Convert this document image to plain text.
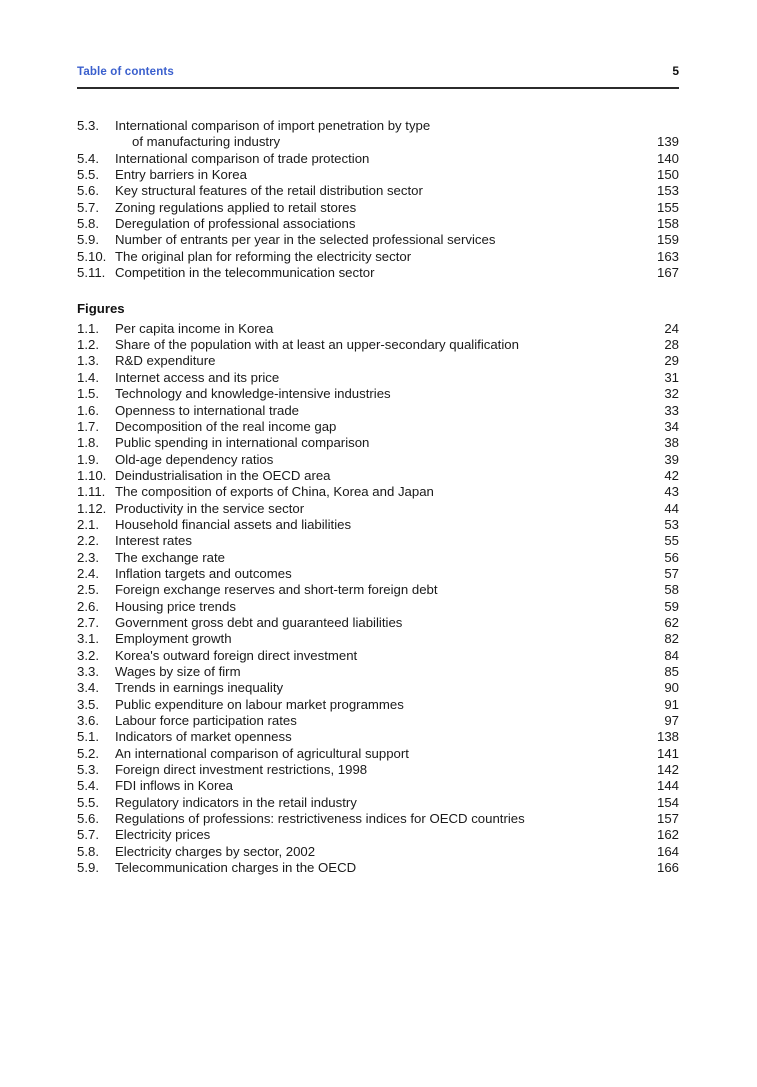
Table of contents	5
5.3.	International comparison of import penetration by type
of manufacturing industry	139
5.4.	International comparison of trade protection	140
5.5.	Entry barriers in Korea	150
5.6.	Key structural features of the retail distribution sector	153
5.7.	Zoning regulations applied to retail stores	155
5.8.	Deregulation of professional associations	158
5.9.	Number of entrants per year in the selected professional services	159
5.10. The original plan for reforming the electricity sector	163
5.11. Competition in the telecommunication sector	167
Figures
1.1.	Per capita income in Korea	24
1.2.	Share of the population with at least an upper-secondary qualification	28
1.3.	R&D expenditure	29
1.4.	Internet access and its price	31
1.5.	Technology and knowledge-intensive industries	32
1.6.	Openness to international trade	33
1.7.	Decomposition of the real income gap	34
1.8.	Public spending in international comparison	38
1.9.	Old-age dependency ratios	39
1.10. Deindustrialisation in the OECD area	42
1.11. The composition of exports of China, Korea and Japan	43
1.12. Productivity in the service sector	44
2.1.	Household financial assets and liabilities	53
2.2.	Interest rates	55
2.3.	The exchange rate	56
2.4.	Inflation targets and outcomes	57
2.5.	Foreign exchange reserves and short-term foreign debt	58
2.6.	Housing price trends	59
2.7.	Government gross debt and guaranteed liabilities	62
3.1.	Employment growth	82
3.2.	Korea's outward foreign direct investment	84
3.3.	Wages by size of firm	85
3.4.	Trends in earnings inequality	90
3.5.	Public expenditure on labour market programmes	91
3.6.	Labour force participation rates	97
5.1.	Indicators of market openness	138
5.2.	An international comparison of agricultural support	141
5.3.	Foreign direct investment restrictions, 1998	142
5.4.	FDI inflows in Korea	144
5.5.	Regulatory indicators in the retail industry	154
5.6.	Regulations of professions: restrictiveness indices for OECD countries	157
5.7.	Electricity prices	162
5.8.	Electricity charges by sector, 2002	164
5.9.	Telecommunication charges in the OECD	166
